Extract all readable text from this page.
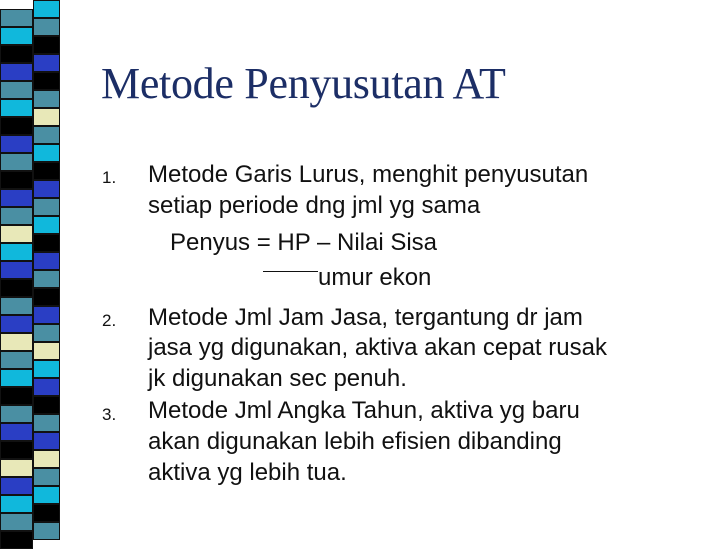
Metode Penyusutan AT
1. Metode Garis Lurus, menghit penyusutan
setiap periode dng jml yg sama
Penyus = HP – Nilai Sisa
umur ekon
2. Metode Jml Jam Jasa, tergantung dr jam
jasa yg digunakan, aktiva akan cepat rusak
jk digunakan sec penuh.
3. Metode Jml Angka Tahun, aktiva yg baru
akan digunakan lebih efisien dibanding
aktiva yg lebih tua.
